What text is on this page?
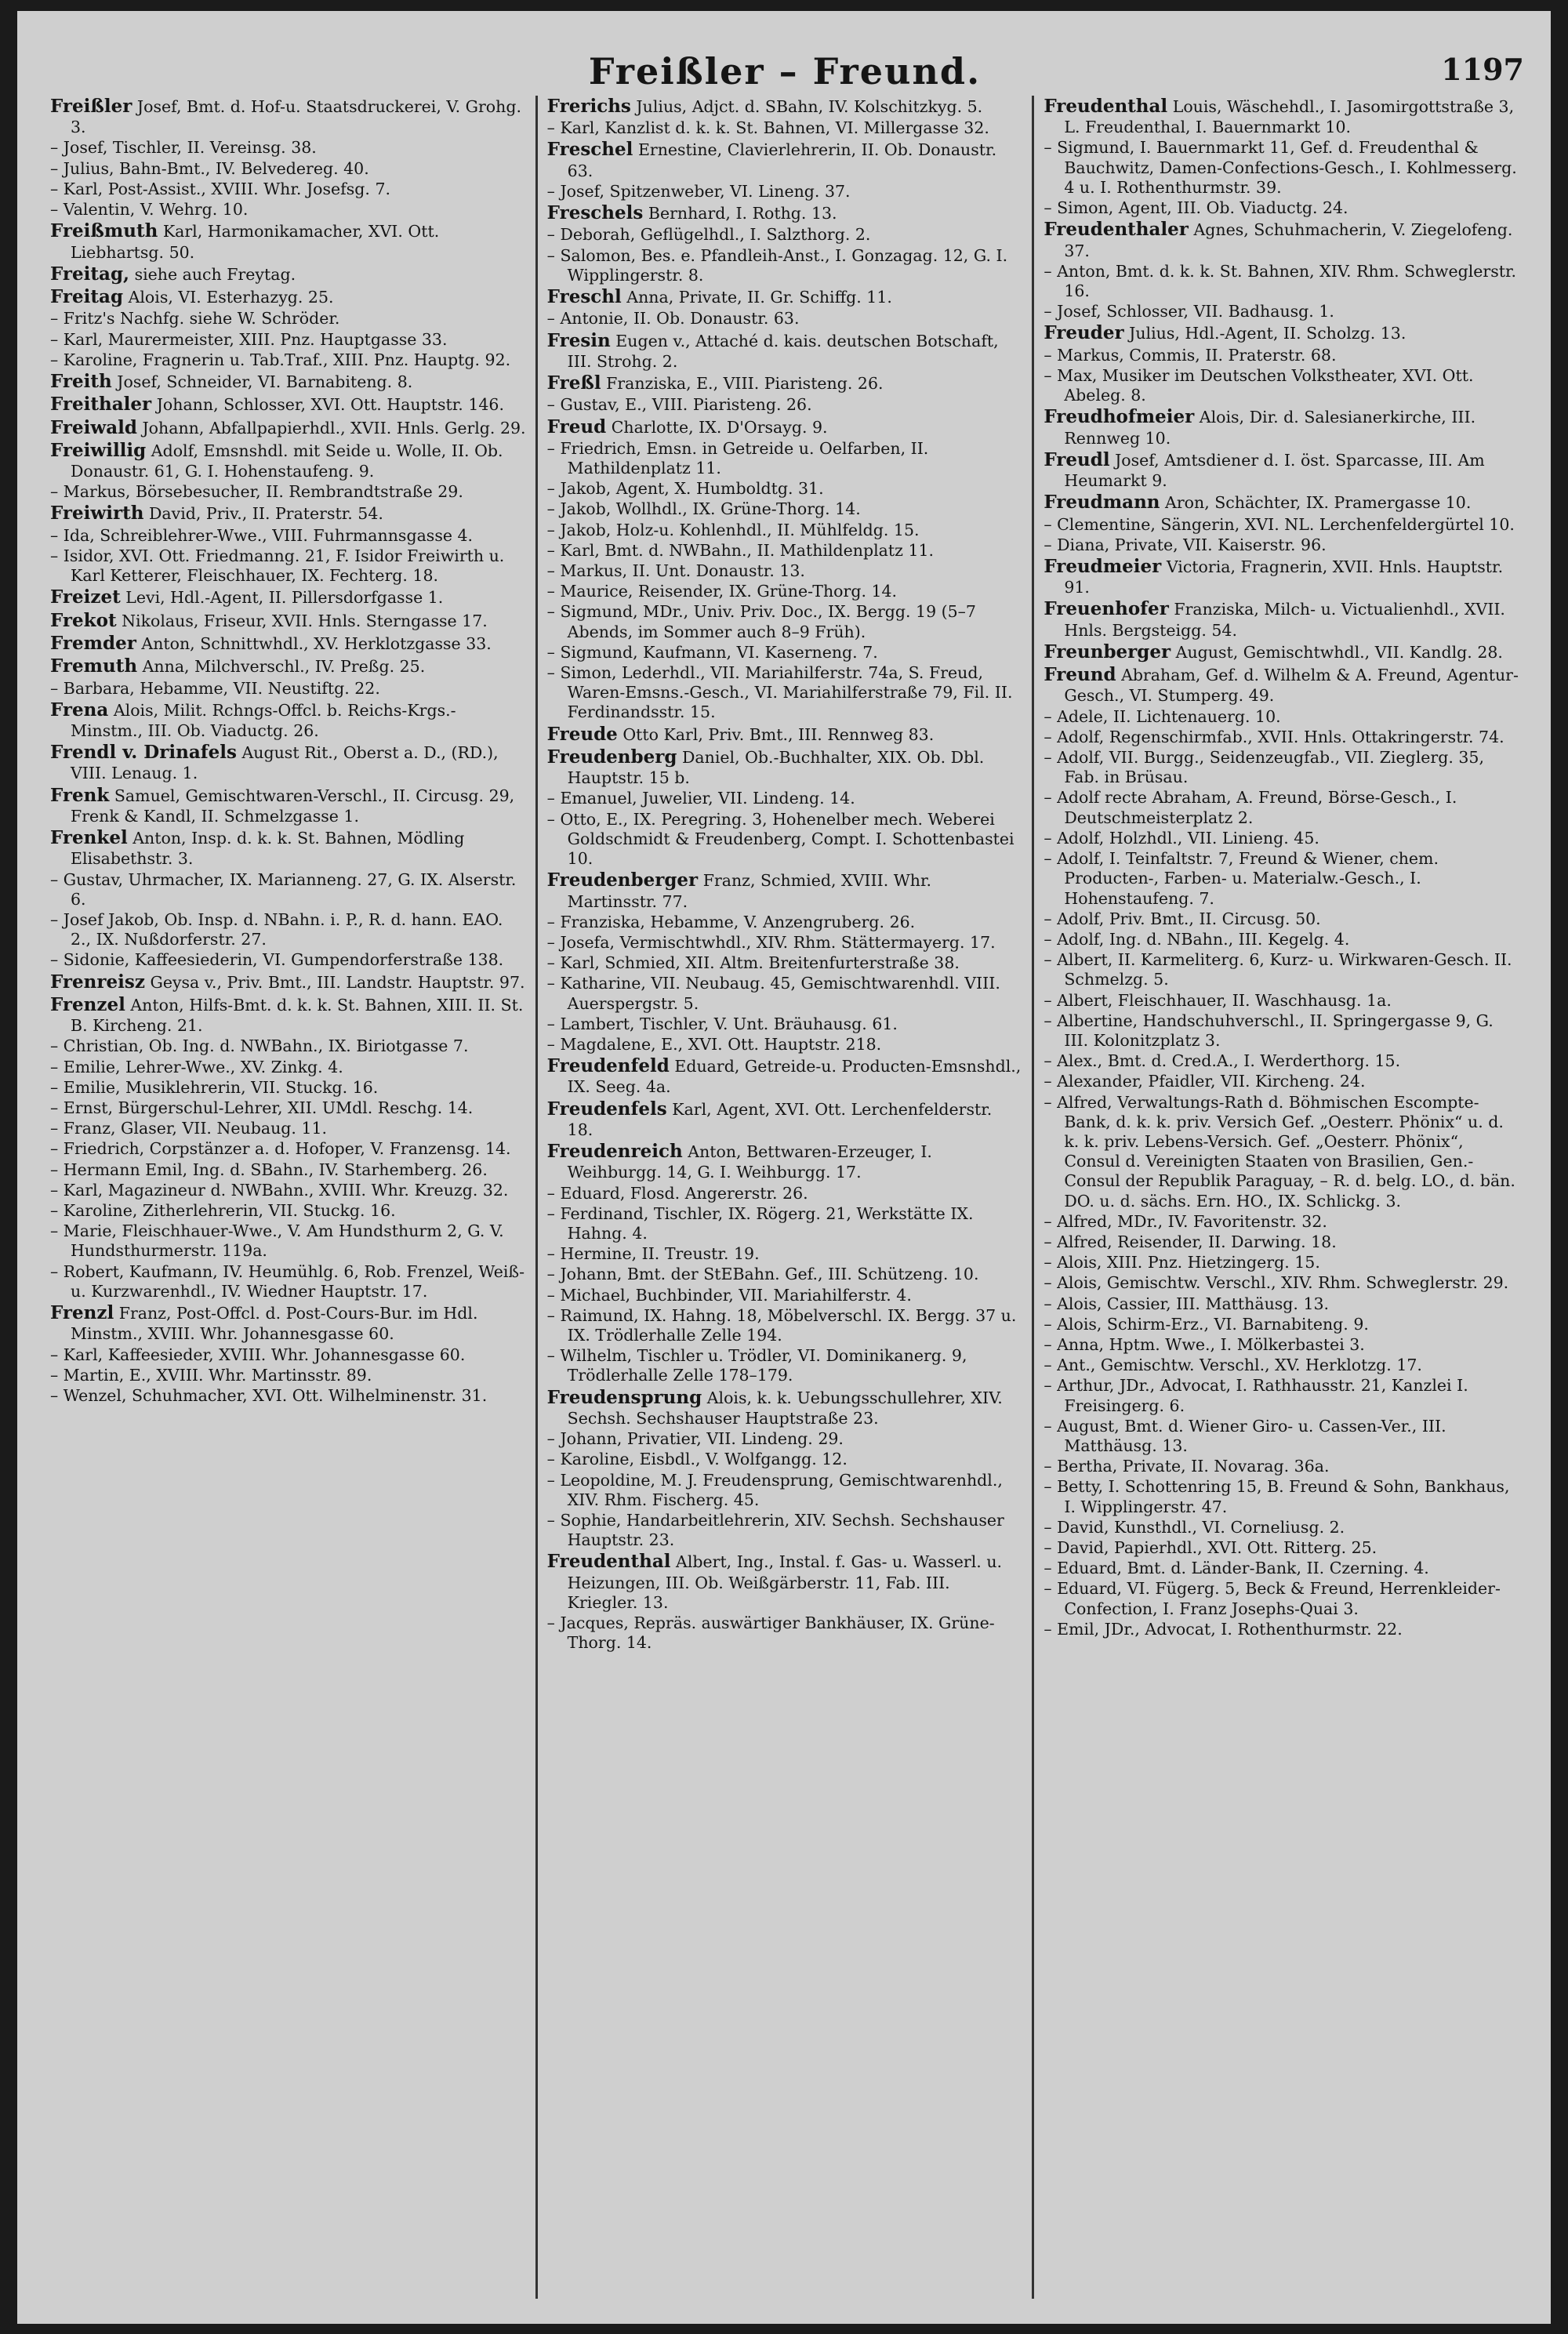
Freißler – Freund.	1197
Freißler Josef, Bmt. d. Hof-u. Staatsdruckerei, V. Grohg. 3.
– Josef, Tischler, II. Vereinsg. 38.
– Julius, Bahn-Bmt., IV. Belvedereg. 40.
– Karl, Post-Assist., XVIII. Whr. Josefsg. 7.
– Valentin, V. Wehrg. 10.
Freißmuth Karl, Harmonikamacher, XVI. Ott. Liebhartsg. 50.
Freitag, siehe auch Freytag.
Freitag Alois, VI. Esterhazyg. 25.
– Fritz's Nachfg. siehe W. Schröder.
– Karl, Maurermeister, XIII. Pnz. Hauptgasse 33.
– Karoline, Fragnerin u. Tab.Traf., XIII. Pnz. Hauptg. 92.
Freith Josef, Schneider, VI. Barnabiteng. 8.
Freithaler Johann, Schlosser, XVI. Ott. Hauptstr. 146.
Freiwald Johann, Abfallpapierhdl., XVII. Hnls. Gerlg. 29.
Freiwillig Adolf, Emsnshdl. mit Seide u. Wolle, II. Ob. Donaustr. 61, G. I. Hohenstaufeng. 9.
– Markus, Börsebesucher, II. Rembrandtstraße 29.
Freiwirth David, Priv., II. Praterstr. 54.
– Ida, Schreiblehrer-Wwe., VIII. Fuhrmannsgasse 4.
– Isidor, XVI. Ott. Friedmanng. 21, F. Isidor Freiwirth u. Karl Ketterer, Fleischhauer, IX. Fechterg. 18.
Freizet Levi, Hdl.-Agent, II. Pillersdorfgasse 1.
Frekot Nikolaus, Friseur, XVII. Hnls. Sterngasse 17.
Fremder Anton, Schnittwhdl., XV. Herklotzgasse 33.
Fremuth Anna, Milchverschl., IV. Preßg. 25.
– Barbara, Hebamme, VII. Neustiftg. 22.
Frena Alois, Milit. Rchngs-Offcl. b. Reichs-Krgs.-Minstm., III. Ob. Viaductg. 26.
Frendl v. Drinafels August Rit., Oberst a. D., (RD.), VIII. Lenaug. 1.
Frenk Samuel, Gemischtwaren-Verschl., II. Circusg. 29, Frenk & Kandl, II. Schmelzgasse 1.
Frenkel Anton, Insp. d. k. k. St. Bahnen, Mödling Elisabethstr. 3.
– Gustav, Uhrmacher, IX. Marianneng. 27, G. IX. Alserstr. 6.
– Josef Jakob, Ob. Insp. d. NBahn. i. P., R. d. hann. EAO. 2., IX. Nußdorferstr. 27.
– Sidonie, Kaffeesiederin, VI. Gumpendorferstraße 138.
Frenreisz Geysa v., Priv. Bmt., III. Landstr. Hauptstr. 97.
Frenzel Anton, Hilfs-Bmt. d. k. k. St. Bahnen, XIII. II. St. B. Kircheng. 21.
– Christian, Ob. Ing. d. NWBahn., IX. Biriotgasse 7.
– Emilie, Lehrer-Wwe., XV. Zinkg. 4.
– Emilie, Musiklehrerin, VII. Stuckg. 16.
– Ernst, Bürgerschul-Lehrer, XII. UMdl. Reschg. 14.
– Franz, Glaser, VII. Neubaug. 11.
– Friedrich, Corpstänzer a. d. Hofoper, V. Franzensg. 14.
– Hermann Emil, Ing. d. SBahn., IV. Starhemberg. 26.
– Karl, Magazineur d. NWBahn., XVIII. Whr. Kreuzg. 32.
– Karoline, Zitherlehrerin, VII. Stuckg. 16.
– Marie, Fleischhauer-Wwe., V. Am Hundsthurm 2, G. V. Hundsthurmerstr. 119a.
– Robert, Kaufmann, IV. Heumühlg. 6, Rob. Frenzel, Weiß- u. Kurzwarenhdl., IV. Wiedner Hauptstr. 17.
Frenzl Franz, Post-Offcl. d. Post-Cours-Bur. im Hdl. Minstm., XVIII. Whr. Johannesgasse 60.
– Karl, Kaffeesieder, XVIII. Whr. Johannesgasse 60.
– Martin, E., XVIII. Whr. Martinsstr. 89.
– Wenzel, Schuhmacher, XVI. Ott. Wilhelminenstr. 31.
Frerichs Julius, Adjct. d. SBahn, IV. Kolschitzkyg. 5.
– Karl, Kanzlist d. k. k. St. Bahnen, VI. Millergasse 32.
Freschel Ernestine, Clavierlehrerin, II. Ob. Donaustr. 63.
– Josef, Spitzenweber, VI. Lineng. 37.
Freschels Bernhard, I. Rothg. 13.
– Deborah, Geflügelhdl., I. Salzthorg. 2.
– Salomon, Bes. e. Pfandleih-Anst., I. Gonzagag. 12, G. I. Wipplingerstr. 8.
Freschl Anna, Private, II. Gr. Schiffg. 11.
– Antonie, II. Ob. Donaustr. 63.
Fresin Eugen v., Attaché d. kais. deutschen Botschaft, III. Strohg. 2.
Freßl Franziska, E., VIII. Piaristeng. 26.
– Gustav, E., VIII. Piaristeng. 26.
Freud Charlotte, IX. D'Orsayg. 9.
– Friedrich, Emsn. in Getreide u. Oelfarben, II. Mathildenplatz 11.
– Jakob, Agent, X. Humboldtg. 31.
– Jakob, Wollhdl., IX. Grüne-Thorg. 14.
– Jakob, Holz-u. Kohlenhdl., II. Mühlfeldg. 15.
– Karl, Bmt. d. NWBahn., II. Mathildenplatz 11.
– Markus, II. Unt. Donaustr. 13.
– Maurice, Reisender, IX. Grüne-Thorg. 14.
– Sigmund, MDr., Univ. Priv. Doc., IX. Bergg. 19 (5–7 Abends, im Sommer auch 8–9 Früh).
– Sigmund, Kaufmann, VI. Kaserneng. 7.
– Simon, Lederhdl., VII. Mariahilferstr. 74a, S. Freud, Waren-Emsns.-Gesch., VI. Mariahilferstraße 79, Fil. II. Ferdinandsstr. 15.
Freude Otto Karl, Priv. Bmt., III. Rennweg 83.
Freudenberg Daniel, Ob.-Buchhalter, XIX. Ob. Dbl. Hauptstr. 15 b.
– Emanuel, Juwelier, VII. Lindeng. 14.
– Otto, E., IX. Peregring. 3, Hohenelber mech. Weberei Goldschmidt & Freudenberg, Compt. I. Schottenbastei 10.
Freudenberger Franz, Schmied, XVIII. Whr. Martinsstr. 77.
– Franziska, Hebamme, V. Anzengruberg. 26.
– Josefa, Vermischtwhdl., XIV. Rhm. Stättermayerg. 17.
– Karl, Schmied, XII. Altm. Breitenfurterstraße 38.
– Katharine, VII. Neubaug. 45, Gemischtwarenhdl. VIII. Auerspergstr. 5.
– Lambert, Tischler, V. Unt. Bräuhausg. 61.
– Magdalene, E., XVI. Ott. Hauptstr. 218.
Freudenfeld Eduard, Getreide-u. Producten-Emsnshdl., IX. Seeg. 4a.
Freudenfels Karl, Agent, XVI. Ott. Lerchenfelderstr. 18.
Freudenreich Anton, Bettwaren-Erzeuger, I. Weihburgg. 14, G. I. Weihburgg. 17.
– Eduard, Flosd. Angererstr. 26.
– Ferdinand, Tischler, IX. Rögerg. 21, Werkstätte IX. Hahng. 4.
– Hermine, II. Treustr. 19.
– Johann, Bmt. der StEBahn. Gef., III. Schützeng. 10.
– Michael, Buchbinder, VII. Mariahilferstr. 4.
– Raimund, IX. Hahng. 18, Möbelverschl. IX. Bergg. 37 u. IX. Trödlerhalle Zelle 194.
– Wilhelm, Tischler u. Trödler, VI. Dominikanerg. 9, Trödlerhalle Zelle 178–179.
Freudensprung Alois, k. k. Uebungsschullehrer, XIV. Sechsh. Sechshauser Hauptstraße 23.
– Johann, Privatier, VII. Lindeng. 29.
– Karoline, Eisbdl., V. Wolfgangg. 12.
– Leopoldine, M. J. Freudensprung, Gemischtwarenhdl., XIV. Rhm. Fischerg. 45.
– Sophie, Handarbeitlehrerin, XIV. Sechsh. Sechshauser Hauptstr. 23.
Freudenthal Albert, Ing., Instal. f. Gas- u. Wasserl. u. Heizungen, III. Ob. Weißgärberstr. 11, Fab. III. Kriegler. 13.
– Jacques, Repräs. auswärtiger Bankhäuser, IX. Grüne-Thorg. 14.
Freudenthal Louis, Wäschehdl., I. Jasomirgottstraße 3, L. Freudenthal, I. Bauernmarkt 10.
– Sigmund, I. Bauernmarkt 11, Gef. d. Freudenthal & Bauchwitz, Damen-Confections-Gesch., I. Kohlmesserg. 4 u. I. Rothenthurmstr. 39.
– Simon, Agent, III. Ob. Viaductg. 24.
Freudenthaler Agnes, Schuhmacherin, V. Ziegelofeng. 37.
– Anton, Bmt. d. k. k. St. Bahnen, XIV. Rhm. Schweglerstr. 16.
– Josef, Schlosser, VII. Badhausg. 1.
Freuder Julius, Hdl.-Agent, II. Scholzg. 13.
– Markus, Commis, II. Praterstr. 68.
– Max, Musiker im Deutschen Volkstheater, XVI. Ott. Abeleg. 8.
Freudhofmeier Alois, Dir. d. Salesianerkirche, III. Rennweg 10.
Freudl Josef, Amtsdiener d. I. öst. Sparcasse, III. Am Heumarkt 9.
Freudmann Aron, Schächter, IX. Pramergasse 10.
– Clementine, Sängerin, XVI. NL. Lerchenfeldergürtel 10.
– Diana, Private, VII. Kaiserstr. 96.
Freudmeier Victoria, Fragnerin, XVII. Hnls. Hauptstr. 91.
Freuenhofer Franziska, Milch- u. Victualienhdl., XVII. Hnls. Bergsteigg. 54.
Freunberger August, Gemischtwhdl., VII. Kandlg. 28.
Freund Abraham, Gef. d. Wilhelm & A. Freund, Agentur-Gesch., VI. Stumperg. 49.
– Adele, II. Lichtenauerg. 10.
– Adolf, Regenschirmfab., XVII. Hnls. Ottakringerstr. 74.
– Adolf, VII. Burgg., Seidenzeugfab., VII. Zieglerg. 35, Fab. in Brüsau.
– Adolf recte Abraham, A. Freund, Börse-Gesch., I. Deutschmeisterplatz 2.
– Adolf, Holzhdl., VII. Linieng. 45.
– Adolf, I. Teinfaltstr. 7, Freund & Wiener, chem. Producten-, Farben- u. Materialw.-Gesch., I. Hohenstaufeng. 7.
– Adolf, Priv. Bmt., II. Circusg. 50.
– Adolf, Ing. d. NBahn., III. Kegelg. 4.
– Albert, II. Karmeliterg. 6, Kurz- u. Wirkwaren-Gesch. II. Schmelzg. 5.
– Albert, Fleischhauer, II. Waschhausg. 1a.
– Albertine, Handschuhverschl., II. Springergasse 9, G. III. Kolonitzplatz 3.
– Alex., Bmt. d. Cred.A., I. Werderthorg. 15.
– Alexander, Pfaidler, VII. Kircheng. 24.
– Alfred, Verwaltungs-Rath d. Böhmischen Escompte-Bank, d. k. k. priv. Versich Gef. „Oesterr. Phönix“ u. d. k. k. priv. Lebens-Versich. Gef. „Oesterr. Phönix“, Consul d. Vereinigten Staaten von Brasilien, Gen.-Consul der Republik Paraguay, – R. d. belg. LO., d. bän. DO. u. d. sächs. Ern. HO., IX. Schlickg. 3.
– Alfred, MDr., IV. Favoritenstr. 32.
– Alfred, Reisender, II. Darwing. 18.
– Alois, XIII. Pnz. Hietzingerg. 15.
– Alois, Gemischtw. Verschl., XIV. Rhm. Schweglerstr. 29.
– Alois, Cassier, III. Matthäusg. 13.
– Alois, Schirm-Erz., VI. Barnabiteng. 9.
– Anna, Hptm. Wwe., I. Mölkerbastei 3.
– Ant., Gemischtw. Verschl., XV. Herklotzg. 17.
– Arthur, JDr., Advocat, I. Rathhausstr. 21, Kanzlei I. Freisingerg. 6.
– August, Bmt. d. Wiener Giro- u. Cassen-Ver., III. Matthäusg. 13.
– Bertha, Private, II. Novarag. 36a.
– Betty, I. Schottenring 15, B. Freund & Sohn, Bankhaus, I. Wipplingerstr. 47.
– David, Kunsthdl., VI. Corneliusg. 2.
– David, Papierhdl., XVI. Ott. Ritterg. 25.
– Eduard, Bmt. d. Länder-Bank, II. Czerning. 4.
– Eduard, VI. Fügerg. 5, Beck & Freund, Herrenkleider-Confection, I. Franz Josephs-Quai 3.
– Emil, JDr., Advocat, I. Rothenthurmstr. 22.
